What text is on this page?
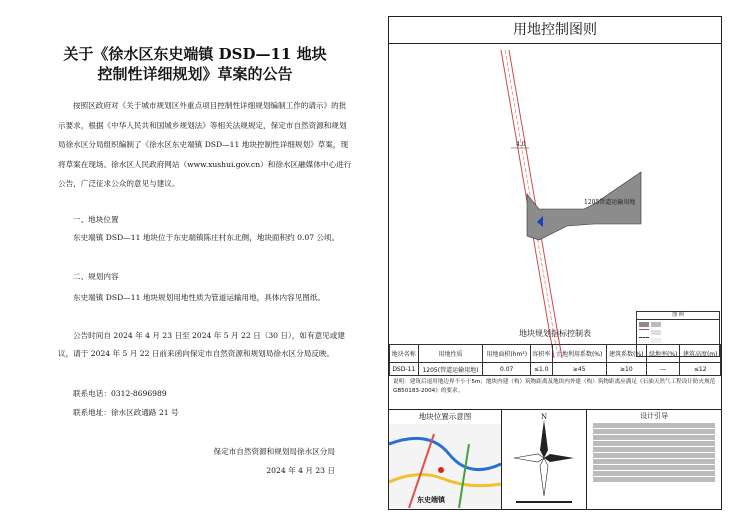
关于《徐水区东史端镇 DSD—11 地块
控制性详细规划》草案的公告

按照区政府对《关于城市规划区外重点项目控制性详细规划编制工作的请示》的批示要求，根据《中华人民共和国城乡规划法》等相关法规规定，保定市自然资源和规划局徐水区分局组织编制了《徐水区东史端镇 DSD—11 地块控制性详细规划》草案，现将草案在现场、徐水区人民政府网站（www.xushui.gov.cn）和徐水区融媒体中心进行公告，广泛征求公众的意见与建议。

一、地块位置

东史端镇 DSD—11 地块位于东史端镇陈庄村东北侧，地块面积约 0.07 公顷。

二、规划内容

东史端镇 DSD—11 地块规划用地性质为管道运输用地，具体内容见图纸。

公告时间自 2024 年 4 月 23 日至 2024 年 5 月 22 日（30 日），如有意见或建议，请于 2024 年 5 月 22 日前来函向保定市自然资源和规划局徐水区分局反映。

联系电话：0312-8696989
联系地址：徐水区政通路 21 号
保定市自然资源和规划局徐水区分局
2024 年 4 月 23 日
用地控制图则
4.0
1205管道运输用地
图 例
地块规划指标控制表
地块名称	用地性质	用地面积(hm²)	容积率	土地利用系数(%)	建筑系数(%)	绿地率(%)	建筑高度(m)
DSD-11	1205(管道运输用地)	0.07	≤1.0	≥45	≥10	—	≤12
说明：建筑后退用地边界不小于5m；地块内建（构）筑物距离及地块内外建（构）筑物距离应满足《石油天然气工程设计防火规范GB50183-2004》的要求。
地块位置示意图
东史端镇
N	设计引导
